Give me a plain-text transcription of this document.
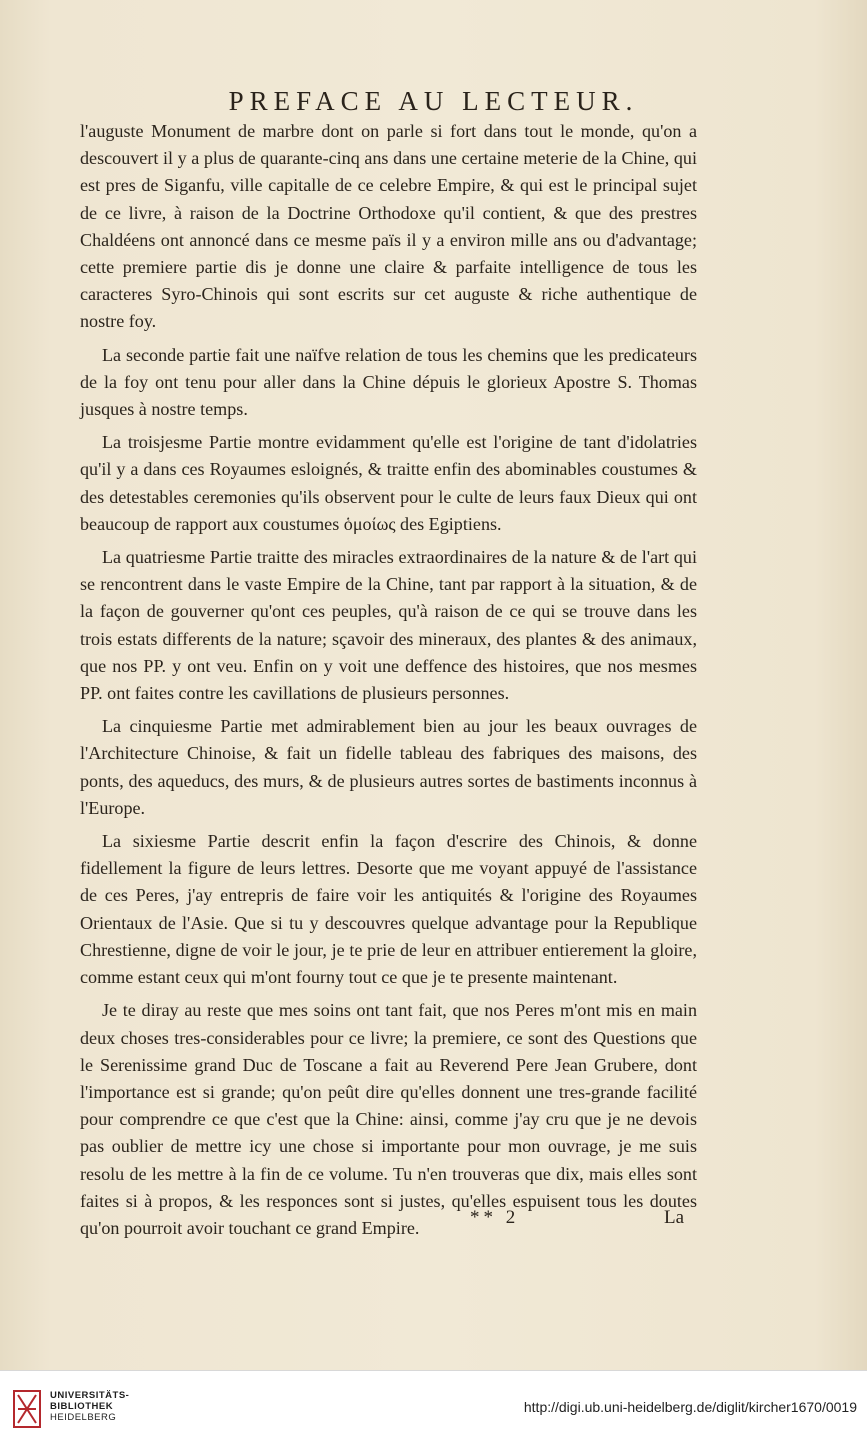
PREFACE AU LECTEUR.

l'auguste Monument de marbre dont on parle si fort dans tout le monde, qu'on a descouvert il y a plus de quarante-cinq ans dans une certaine meterie de la Chine, qui est pres de Siganfu, ville capitalle de ce celebre Empire, & qui est le principal sujet de ce livre, à raison de la Doctrine Orthodoxe qu'il contient, & que des prestres Chaldéens ont annoncé dans ce mesme païs il y a environ mille ans ou d'advantage; cette premiere partie dis je donne une claire & parfaite intelligence de tous les caracteres Syro-Chinois qui sont escrits sur cet auguste & riche authentique de nostre foy.

La seconde partie fait une naïfve relation de tous les chemins que les predicateurs de la foy ont tenu pour aller dans la Chine dépuis le glorieux Apostre S. Thomas jusques à nostre temps.

La troisjesme Partie montre evidamment qu'elle est l'origine de tant d'idolatries qu'il y a dans ces Royaumes esloignés, & traitte enfin des abominables coustumes & des detestables ceremonies qu'ils observent pour le culte de leurs faux Dieux qui ont beaucoup de rapport aux coustumes ὁμοίως des Egiptiens.

La quatriesme Partie traitte des miracles extraordinaires de la nature & de l'art qui se rencontrent dans le vaste Empire de la Chine, tant par rapport à la situation, & de la façon de gouverner qu'ont ces peuples, qu'à raison de ce qui se trouve dans les trois estats differents de la nature; sçavoir des mineraux, des plantes & des animaux, que nos PP. y ont veu. Enfin on y voit une deffence des histoires, que nos mesmes PP. ont faites contre les cavillations de plusieurs personnes.

La cinquiesme Partie met admirablement bien au jour les beaux ouvrages de l'Architecture Chinoise, & fait un fidelle tableau des fabriques des maisons, des ponts, des aqueducs, des murs, & de plusieurs autres sortes de bastiments inconnus à l'Europe.

La sixiesme Partie descrit enfin la façon d'escrire des Chinois, & donne fidellement la figure de leurs lettres. Desorte que me voyant appuyé de l'assistance de ces Peres, j'ay entrepris de faire voir les antiquités & l'origine des Royaumes Orientaux de l'Asie. Que si tu y descouvres quelque advantage pour la Republique Chrestienne, digne de voir le jour, je te prie de leur en attribuer entierement la gloire, comme estant ceux qui m'ont fourny tout ce que je te presente maintenant.

Je te diray au reste que mes soins ont tant fait, que nos Peres m'ont mis en main deux choses tres-considerables pour ce livre; la premiere, ce sont des Questions que le Serenissime grand Duc de Toscane a fait au Reverend Pere Jean Grubere, dont l'importance est si grande; qu'on peût dire qu'elles donnent une tres-grande facilité pour comprendre ce que c'est que la Chine: ainsi, comme j'ay cru que je ne devois pas oublier de mettre icy une chose si importante pour mon ouvrage, je me suis resolu de les mettre à la fin de ce volume. Tu n'en trouveras que dix, mais elles sont faites si à propos, & les responces sont si justes, qu'elles espuisent tous les doutes qu'on pourroit avoir touchant ce grand Empire.	** 2	La
UNIVERSITÄTS-
BIBLIOTHEK
HEIDELBERG
http://digi.ub.uni-heidelberg.de/diglit/kircher1670/0019
